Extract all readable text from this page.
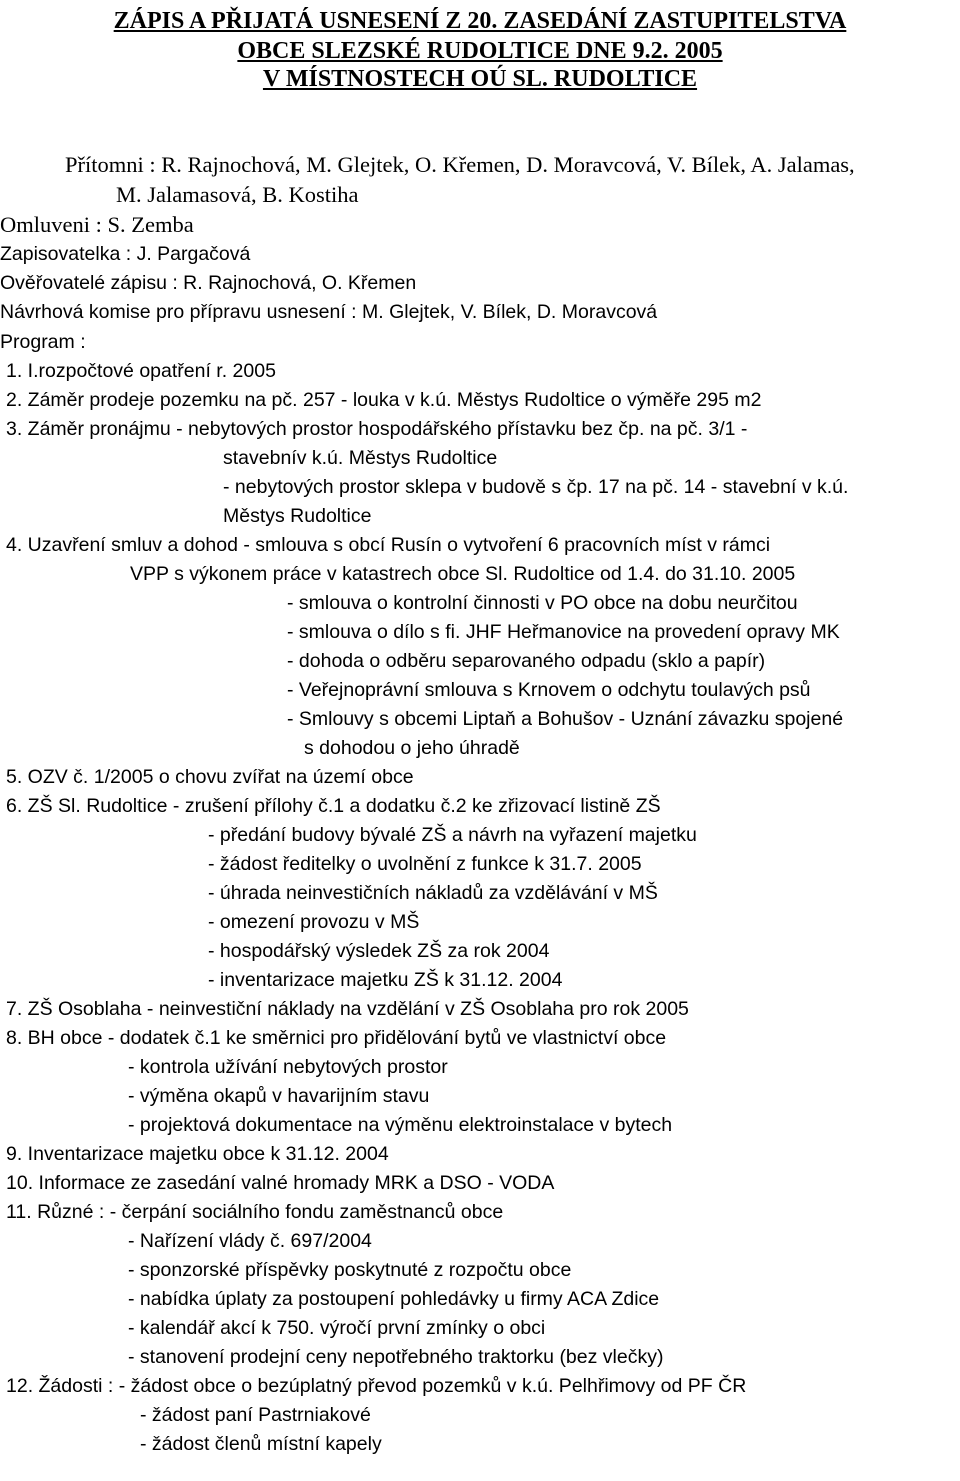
ZÁPIS A PŘIJATÁ USNESENÍ Z 20. ZASEDÁNÍ ZASTUPITELSTVA
OBCE SLEZSKÉ RUDOLTICE DNE 9.2. 2005
V MÍSTNOSTECH OÚ SL. RUDOLTICE
Přítomni : R. Rajnochová, M. Glejtek, O. Křemen, D. Moravcová, V. Bílek, A. Jalamas,
M. Jalamasová, B. Kostiha
Omluveni : S. Zemba
Zapisovatelka : J. Pargačová
Ověřovatelé zápisu : R. Rajnochová, O. Křemen
Návrhová komise pro přípravu usnesení : M. Glejtek, V. Bílek, D. Moravcová
Program :
1. I.rozpočtové opatření r. 2005
2. Záměr prodeje pozemku na pč. 257 - louka v k.ú. Městys Rudoltice o výměře 295 m2
3. Záměr pronájmu - nebytových prostor hospodářského přístavku bez čp. na pč. 3/1 -
stavebnív k.ú. Městys Rudoltice
- nebytových prostor sklepa v budově s čp. 17 na pč. 14 - stavební v k.ú.
Městys Rudoltice
4. Uzavření smluv a dohod - smlouva s obcí Rusín o vytvoření 6 pracovních míst v rámci
VPP s výkonem práce v katastrech obce Sl. Rudoltice od 1.4. do 31.10. 2005
- smlouva o kontrolní činnosti v PO obce na dobu neurčitou
- smlouva o dílo s fi. JHF Heřmanovice na provedení opravy MK
- dohoda o odběru separovaného odpadu (sklo a papír)
- Veřejnoprávní smlouva s Krnovem o odchytu toulavých psů
- Smlouvy s obcemi Liptaň a Bohušov - Uznání závazku spojené
s dohodou o jeho úhradě
5. OZV č. 1/2005 o chovu zvířat na území obce
6. ZŠ Sl. Rudoltice - zrušení přílohy č.1 a dodatku č.2 ke zřizovací listině ZŠ
- předání budovy bývalé ZŠ a návrh na vyřazení majetku
- žádost ředitelky o uvolnění z funkce k 31.7. 2005
- úhrada neinvestičních nákladů za vzdělávání v MŠ
- omezení provozu v MŠ
- hospodářský výsledek ZŠ za rok 2004
- inventarizace majetku ZŠ k 31.12. 2004
7. ZŠ Osoblaha - neinvestiční náklady na vzdělání v ZŠ Osoblaha pro rok 2005
8. BH obce - dodatek č.1 ke směrnici pro přidělování bytů ve vlastnictví obce
- kontrola užívání nebytových prostor
- výměna okapů v havarijním stavu
- projektová dokumentace na výměnu elektroinstalace v bytech
9. Inventarizace majetku obce k 31.12. 2004
10. Informace ze zasedání valné hromady MRK a DSO - VODA
11. Různé : - čerpání sociálního fondu zaměstnanců obce
- Nařízení vlády č. 697/2004
- sponzorské příspěvky poskytnuté z rozpočtu obce
- nabídka úplaty za postoupení pohledávky u firmy ACA Zdice
- kalendář akcí k 750. výročí první zmínky o obci
- stanovení prodejní ceny nepotřebného traktorku (bez vlečky)
12. Žádosti : - žádost obce o bezúplatný převod pozemků v k.ú. Pelhřimovy od PF ČR
- žádost paní Pastrniakové
- žádost členů místní kapely
